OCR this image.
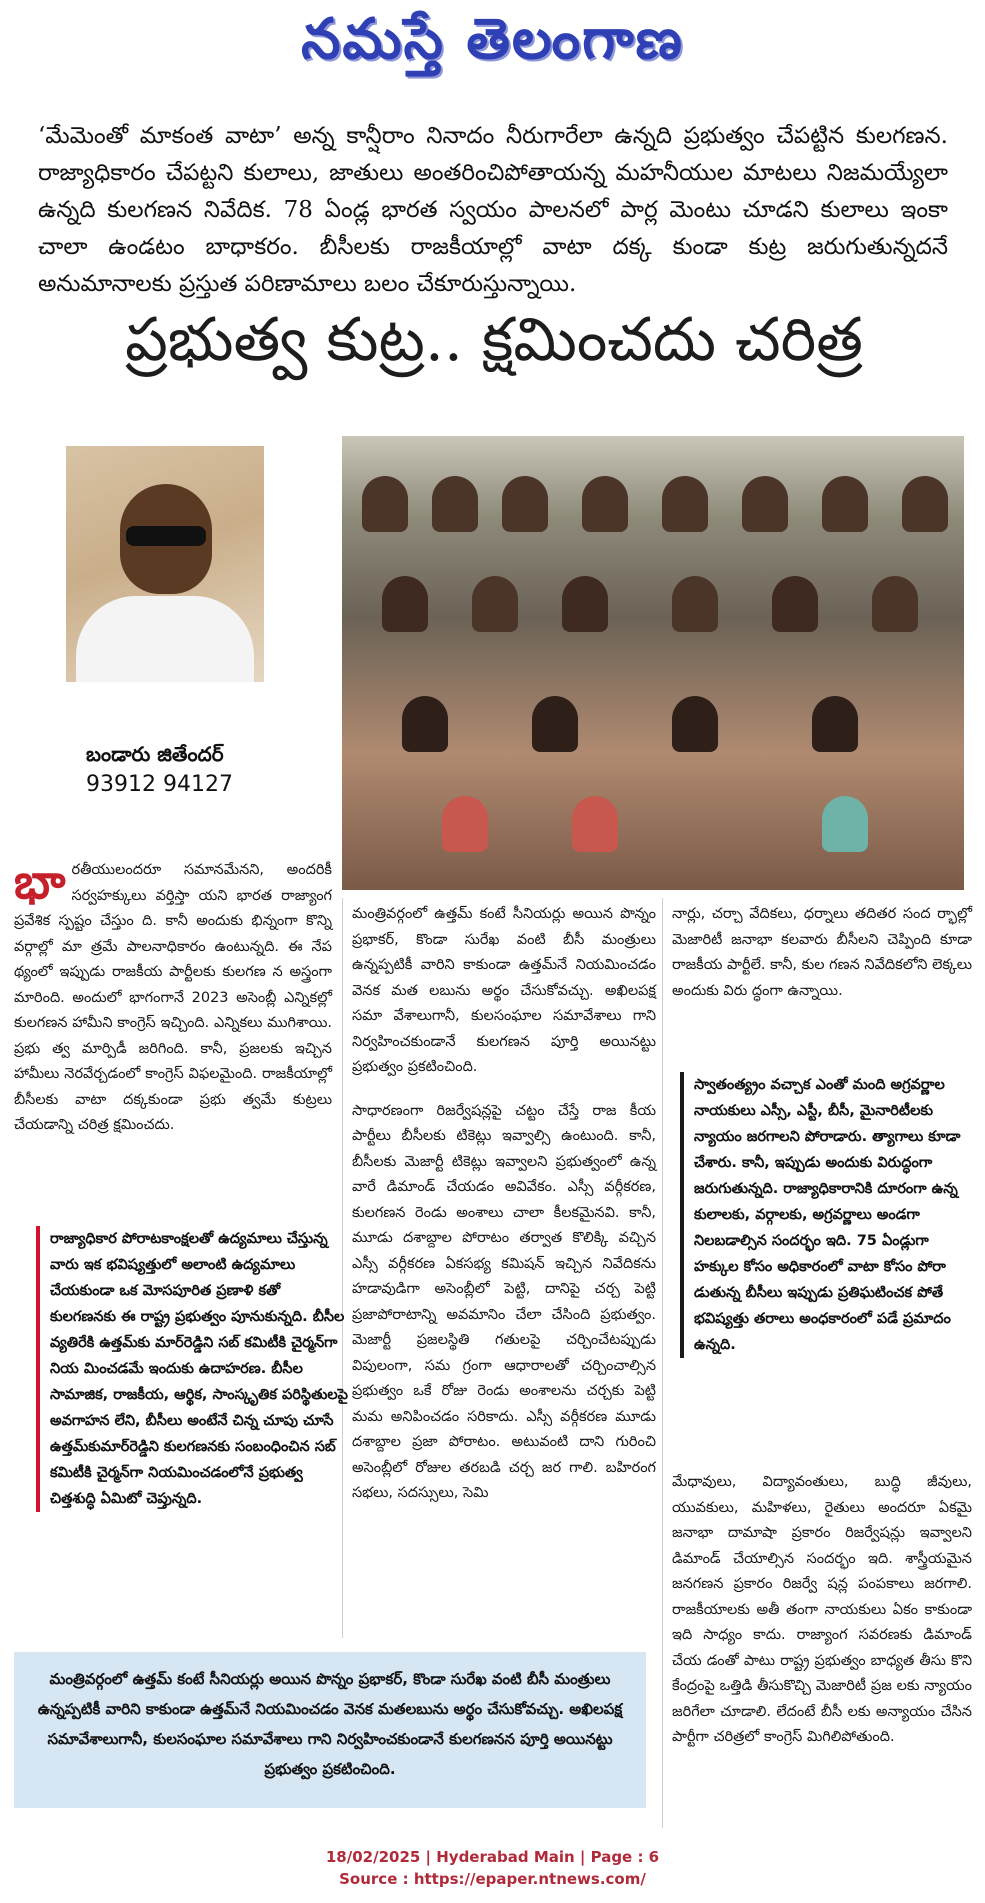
నమస్తే తెలంగాణ
‘మేమెంతో మాకంత వాటా’ అన్న కాన్షీరాం నినాదం నీరుగారేలా ఉన్నది ప్రభుత్వం చేపట్టిన కులగణన. రాజ్యాధికారం చేపట్టని కులాలు, జాతులు అంతరించిపోతాయన్న మహనీయుల మాటలు నిజమయ్యేలా ఉన్నది కులగణన నివేదిక. 78 ఏండ్ల భారత స్వయం పాలనలో పార్ల మెంటు చూడని కులాలు ఇంకా చాలా ఉండటం బాధాకరం. బీసీలకు రాజకీయాల్లో వాటా దక్క కుండా కుట్ర జరుగుతున్నదనే అనుమానాలకు ప్రస్తుత పరిణామాలు బలం చేకూరుస్తున్నాయి.
ప్రభుత్వ కుట్ర.. క్షమించదు చరిత్ర
బండారు జితేందర్
93912 94127

భారతీయులందరూ సమానమేనని, అందరికీ సర్వహక్కులు వర్తిస్తా యని భారత రాజ్యాంగ ప్రవేశిక స్పష్టం చేస్తుం ది. కానీ అందుకు భిన్నంగా కొన్ని వర్గాల్లో మా త్రమే పాలనాధికారం ఉంటున్నది. ఈ నేప థ్యంలో ఇప్పుడు రాజకీయ పార్టీలకు కులగణ న అస్త్రంగా మారింది. అందులో భాగంగానే 2023 అసెంబ్లీ ఎన్నికల్లో కులగణన హామీని కాంగ్రెస్ ఇచ్చింది. ఎన్నికలు ముగిశాయి. ప్రభు త్వ మార్పిడీ జరిగింది. కానీ, ప్రజలకు ఇచ్చిన హామీలు నెరవేర్చడంలో కాంగ్రెస్ విఫలమైంది. రాజకీయాల్లో బీసీలకు వాటా దక్కకుండా ప్రభు త్వమే కుట్రలు చేయడాన్ని చరిత్ర క్షమించదు.

రాజ్యాధికార పోరాటకాంక్షలతో ఉద్యమాలు చేస్తున్న వారు ఇక భవిష్యత్తులో అలాంటి ఉద్యమాలు చేయకుండా ఒక మోసపూరిత ప్రణాళి కతో కులగణనకు ఈ రాష్ట్ర ప్రభుత్వం పూనుకున్నది. బీసీల వ్యతిరేకి ఉత్తమ్‌కు మార్‌రెడ్డిని సబ్ కమిటీకి చైర్మన్‌గా నియ మించడమే ఇందుకు ఉదాహరణ. బీసీల సామాజిక, రాజకీయ, ఆర్థిక, సాంస్కృతిక పరిస్థితులపై అవగాహన లేని, బీసీలు అంటేనే చిన్న చూపు చూసే ఉత్తమ్‌కుమార్‌రెడ్డిని కులగణనకు సంబంధించిన సబ్ కమిటీకి చైర్మన్‌గా నియమించడంలోనే ప్రభుత్వ చిత్తశుద్ధి ఏమిటో చెప్తున్నది.

మంత్రివర్గంలో ఉత్తమ్ కంటే సీనియర్లు అయిన పొన్నం ప్రభాకర్, కొండా సురేఖ వంటి బీసీ మంత్రులు ఉన్నప్పటికీ వారిని కాకుండా ఉత్తమ్‌నే నియమించడం వెనక మత లబును అర్థం చేసుకోవచ్చు. అఖిలపక్ష సమా వేశాలుగానీ, కులసంఘాల సమావేశాలు గాని నిర్వహించకుండానే కులగణన పూర్తి అయినట్టు ప్రభుత్వం ప్రకటించింది.

సాధారణంగా రిజర్వేషన్లపై చట్టం చేస్తే రాజ కీయ పార్టీలు బీసీలకు టికెట్లు ఇవ్వాల్సి ఉంటుంది. కానీ, బీసీలకు మెజార్టీ టికెట్లు ఇవ్వాలని ప్రభుత్వంలో ఉన్న వారే డిమాండ్ చేయడం అవివేకం. ఎస్సీ వర్గీకరణ, కులగణన రెండు అంశాలు చాలా కీలకమైనవి. కానీ, మూడు దశాబ్దాల పోరాటం తర్వాత కొలిక్కి వచ్చిన ఎస్సీ వర్గీకరణ ఏకసభ్య కమిషన్ ఇచ్చిన నివేదికను హడావుడిగా అసెంబ్లీలో పెట్టి, దానిపై చర్చ పెట్టి ప్రజాపోరాటాన్ని అవమానిం చేలా చేసింది ప్రభుత్వం. మెజార్టీ ప్రజలస్థితి గతులపై చర్చించేటప్పుడు విపులంగా, సమ గ్రంగా ఆధారాలతో చర్చించాల్సిన ప్రభుత్వం ఒకే రోజు రెండు అంశాలను చర్చకు పెట్టి మమ అనిపించడం సరికాదు. ఎస్సీ వర్గీకరణ మూడు దశాబ్దాల ప్రజా పోరాటం. అటువంటి దాని గురించి అసెంబ్లీలో రోజుల తరబడి చర్చ జర గాలి. బహిరంగ సభలు, సదస్సులు, సెమి

నార్లు, చర్చా వేదికలు, ధర్నాలు తదితర సంద ర్భాల్లో మెజారిటీ జనాభా కలవారు బీసీలని చెప్పింది కూడా రాజకీయ పార్టీలే. కానీ, కుల గణన నివేదికలోని లెక్కలు అందుకు విరు ద్ధంగా ఉన్నాయి.

స్వాతంత్య్రం వచ్చాక ఎంతో మంది అగ్రవర్ణాల నాయకులు ఎస్సీ, ఎస్టీ, బీసీ, మైనారిటీలకు న్యాయం జరగాలని పోరాడారు. త్యాగాలు కూడా చేశారు. కానీ, ఇప్పుడు అందుకు విరుద్ధంగా జరుగుతున్నది. రాజ్యాధికారానికి దూరంగా ఉన్న కులాలకు, వర్గాలకు, అగ్రవర్ణాలు అండగా నిలబడాల్సిన సందర్భం ఇది. 75 ఏండ్లుగా హక్కుల కోసం అధికారంలో వాటా కోసం పోరా డుతున్న బీసీలు ఇప్పుడు ప్రతిఘటించక పోతే భవిష్యత్తు తరాలు అంధకారంలో పడే ప్రమాదం ఉన్నది.

మేధావులు, విద్యావంతులు, బుద్ధి జీవులు, యువకులు, మహిళలు, రైతులు అందరూ ఏకమై జనాభా దామాషా ప్రకారం రిజర్వేషన్లు ఇవ్వాలని డిమాండ్ చేయాల్సిన సందర్భం ఇది. శాస్త్రీయమైన జనగణన ప్రకారం రిజర్వే షన్ల పంపకాలు జరగాలి. రాజకీయాలకు అతీ తంగా నాయకులు ఏకం కాకుండా ఇది సాధ్యం కాదు. రాజ్యాంగ సవరణకు డిమాండ్ చేయ డంతో పాటు రాష్ట్ర ప్రభుత్వం బాధ్యత తీసు కొని కేంద్రంపై ఒత్తిడి తీసుకొచ్చి మెజారిటీ ప్రజ లకు న్యాయం జరిగేలా చూడాలి. లేదంటే బీసీ లకు అన్యాయం చేసిన పార్టీగా చరిత్రలో కాంగ్రెస్ మిగిలిపోతుంది.

మంత్రివర్గంలో ఉత్తమ్ కంటే సీనియర్లు అయిన పొన్నం ప్రభాకర్, కొండా సురేఖ వంటి బీసీ మంత్రులు ఉన్నప్పటికీ వారిని కాకుండా ఉత్తమ్‌నే నియమించడం వెనక మతలబును అర్థం చేసుకోవచ్చు. అఖిలపక్ష సమావేశాలుగానీ, కులసంఘాల సమావేశాలు గాని నిర్వహించకుండానే కులగణనన పూర్తి అయినట్టు ప్రభుత్వం ప్రకటించింది.
18/02/2025 | Hyderabad Main | Page : 6
Source : https://epaper.ntnews.com/
